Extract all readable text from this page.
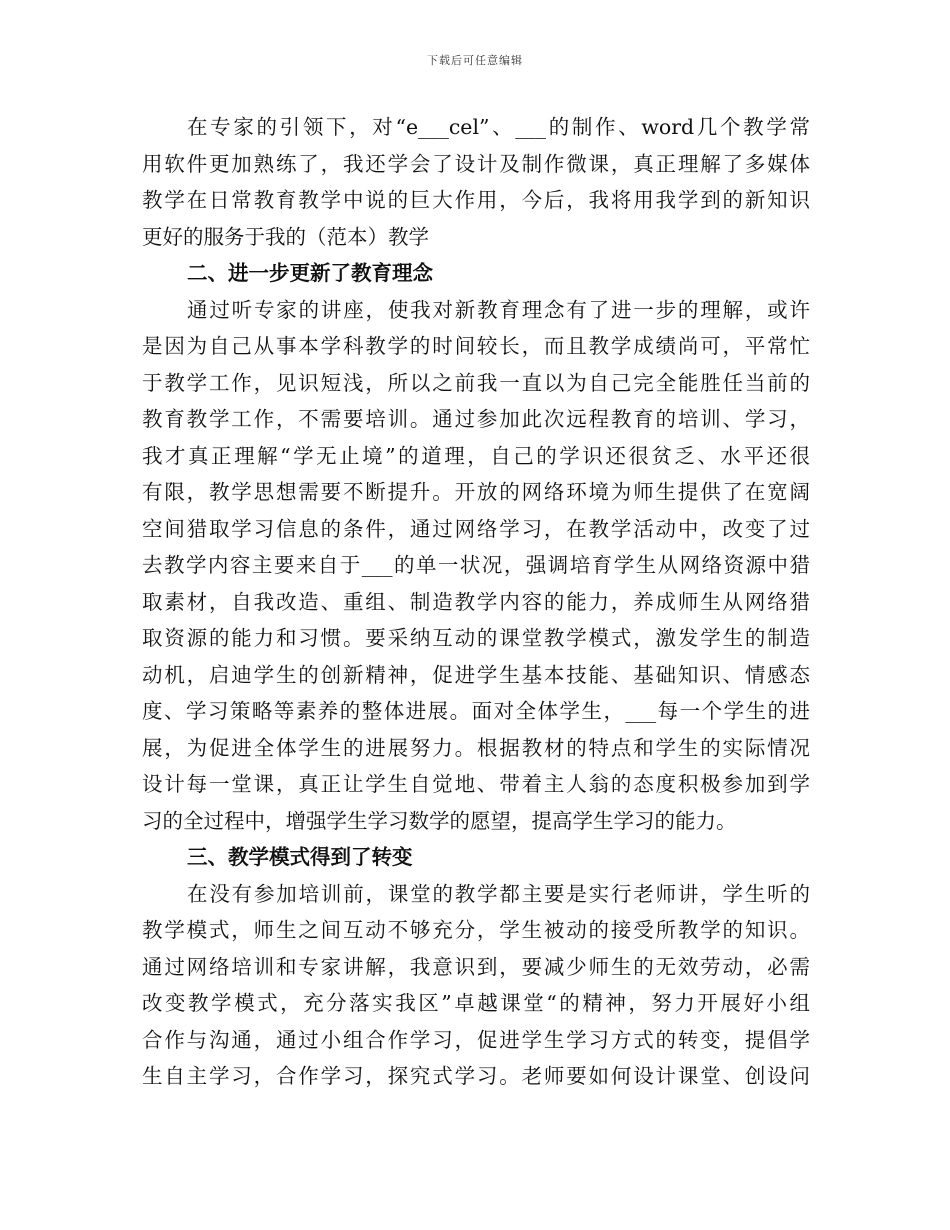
下载后可任意编辑
在专家的引领下，对“e___cel”、___的制作、word几个教学常
用软件更加熟练了，我还学会了设计及制作微课，真正理解了多媒体
教学在日常教育教学中说的巨大作用，今后，我将用我学到的新知识
更好的服务于我的（范本）教学
二、进一步更新了教育理念
通过听专家的讲座，使我对新教育理念有了进一步的理解，或许
是因为自己从事本学科教学的时间较长，而且教学成绩尚可，平常忙
于教学工作，见识短浅，所以之前我一直以为自己完全能胜任当前的
教育教学工作，不需要培训。通过参加此次远程教育的培训、学习，
我才真正理解“学无止境”的道理，自己的学识还很贫乏、水平还很
有限，教学思想需要不断提升。开放的网络环境为师生提供了在宽阔
空间猎取学习信息的条件，通过网络学习，在教学活动中，改变了过
去教学内容主要来自于___的单一状况，强调培育学生从网络资源中猎
取素材，自我改造、重组、制造教学内容的能力，养成师生从网络猎
取资源的能力和习惯。要采纳互动的课堂教学模式，激发学生的制造
动机，启迪学生的创新精神，促进学生基本技能、基础知识、情感态
度、学习策略等素养的整体进展。面对全体学生，___每一个学生的进
展，为促进全体学生的进展努力。根据教材的特点和学生的实际情况
设计每一堂课，真正让学生自觉地、带着主人翁的态度积极参加到学
习的全过程中，增强学生学习数学的愿望，提高学生学习的能力。
三、教学模式得到了转变
在没有参加培训前，课堂的教学都主要是实行老师讲，学生听的
教学模式，师生之间互动不够充分，学生被动的接受所教学的知识。
通过网络培训和专家讲解，我意识到，要减少师生的无效劳动，必需
改变教学模式，充分落实我区”卓越课堂“的精神，努力开展好小组
合作与沟通，通过小组合作学习，促进学生学习方式的转变，提倡学
生自主学习，合作学习，探究式学习。老师要如何设计课堂、创设问
